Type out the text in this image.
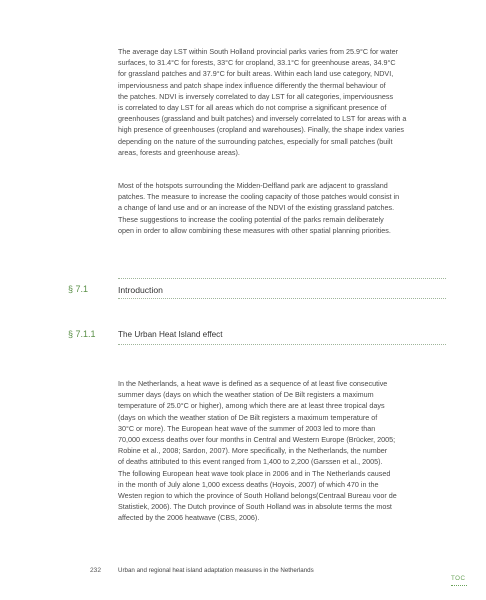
The average day LST within South Holland provincial parks varies from 25.9°C for water
surfaces, to 31.4°C for forests, 33°C for cropland, 33.1°C for greenhouse areas, 34.9°C
for grassland patches and 37.9°C for built areas. Within each land use category, NDVI,
imperviousness and patch shape index influence differently the thermal behaviour of
the patches. NDVI is inversely correlated to day LST for all categories, imperviousness
is correlated to day LST for all areas which do not comprise a significant presence of
greenhouses (grassland and built patches) and inversely correlated to LST for areas with a
high presence of greenhouses (cropland and warehouses). Finally, the shape index varies
depending on the nature of the surrounding patches, especially for small patches (built
areas, forests and greenhouse areas).

Most of the hotspots surrounding the Midden-Delfland park are adjacent to grassland
patches. The measure to increase the cooling capacity of those patches would consist in
a change of land use and or an increase of the NDVI of the existing grassland patches.
These suggestions to increase the cooling potential of the parks remain deliberately
open in order to allow combining these measures with other spatial planning priorities.

§ 7.1	Introduction
§ 7.1.1	The Urban Heat Island effect

In the Netherlands, a heat wave is defined as a sequence of at least five consecutive
summer days (days on which the weather station of De Bilt registers a maximum
temperature of 25.0°C or higher), among which there are at least three tropical days
(days on which the weather station of De Bilt registers a maximum temperature of
30°C or more). The European heat wave of the summer of 2003 led to more than
70,000 excess deaths over four months in Central and Western Europe (Brücker, 2005;
Robine et al., 2008; Sardon, 2007). More specifically, in the Netherlands, the number
of deaths attributed to this event ranged from 1,400 to 2,200 (Garssen et al., 2005).
The following European heat wave took place in 2006 and in The Netherlands caused
in the month of July alone 1,000 excess deaths (Hoyois, 2007) of which 470 in the
Westen region to which the province of South Holland belongs(Centraal Bureau voor de
Statistiek, 2006). The Dutch province of South Holland was in absolute terms the most
affected by the 2006 heatwave (CBS, 2006).

232	Urban and regional heat island adaptation measures in the Netherlands
TOC
